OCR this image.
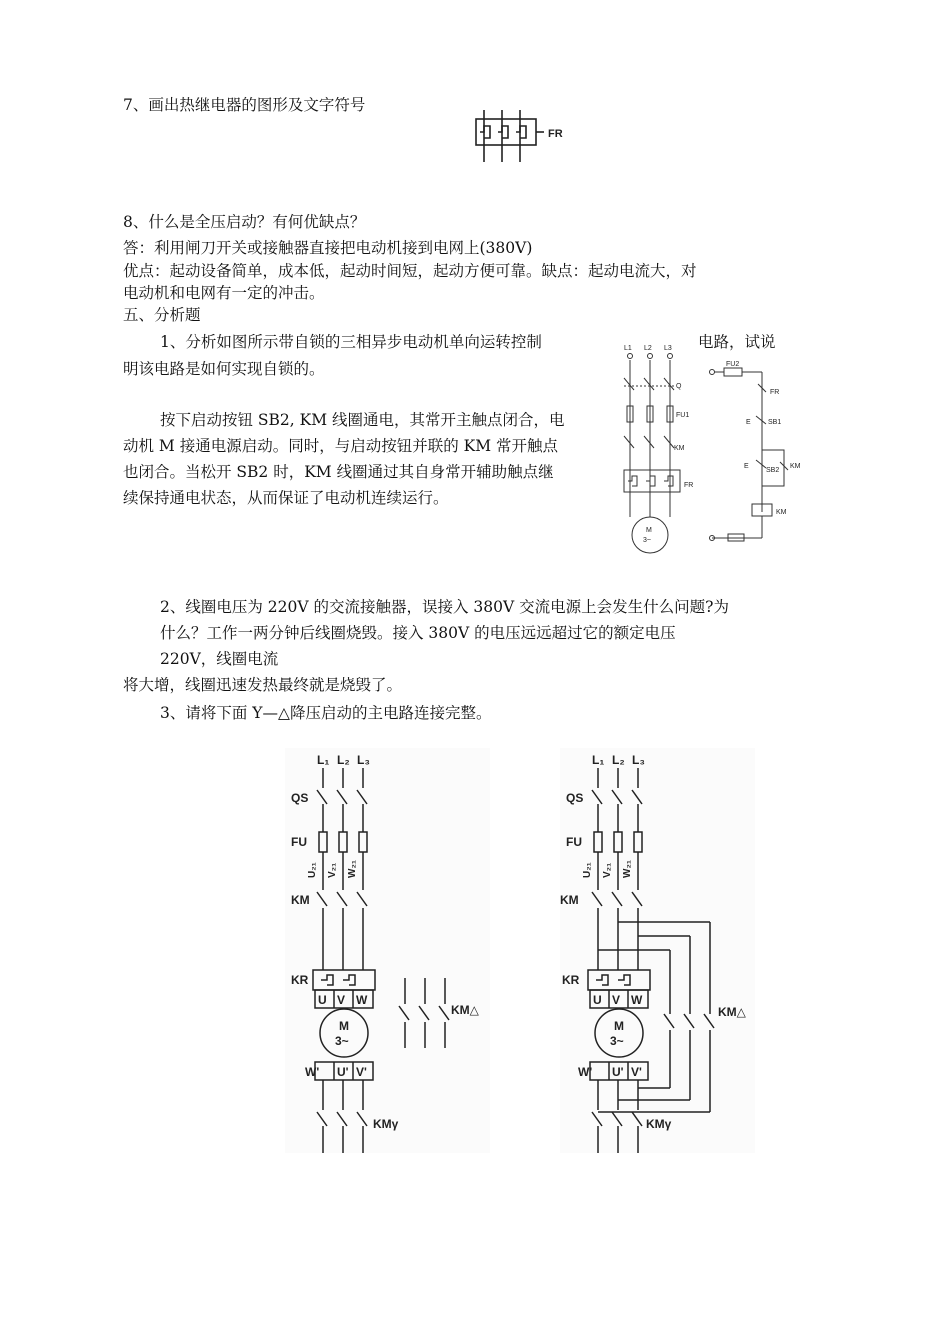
7、画出热继电器的图形及文字符号
FR
8、什么是全压启动？有何优缺点？
答：利用闸刀开关或接触器直接把电动机接到电网上(380V)
优点：起动设备简单，成本低，起动时间短，起动方便可靠。缺点：起动电流大，对
电动机和电网有一定的冲击。
五、分析题
1、分析如图所示带自锁的三相异步电动机单向运转控制	电路，试说
明该电路是如何实现自锁的。
按下启动按钮 SB2, KM 线圈通电，其常开主触点闭合，电
动机 M 接通电源启动。同时，与启动按钮并联的 KM 常开触点
也闭合。当松开 SB2 时，KM 线圈通过其自身常开辅助触点继
续保持通电状态，从而保证了电动机连续运行。
L1 L2 L3
Q
FU1
KM
FR
M
3~
FU2
FR
E SB1
E
SB2
KM
KM
2、线圈电压为 220V 的交流接触器，误接入 380V 交流电源上会发生什么问题?为
什么？工作一两分钟后线圈烧毁。接入 380V 的电压远远超过它的额定电压
220V，线圈电流
将大增，线圈迅速发热最终就是烧毁了。
3、请将下面 Y—△降压启动的主电路连接完整。
L₁ L₂ L₃
QS
FU
KM
KR
U V W
M
3~
W' U' V'
KM△
KMγ
U₂₁ V₂₁ W₂₁
L₁ L₂ L₃
QS
FU
KM
KR
U V W
M
3~
W' U' V'
KM△
KMγ
U₂₁ V₂₁ W₂₁
